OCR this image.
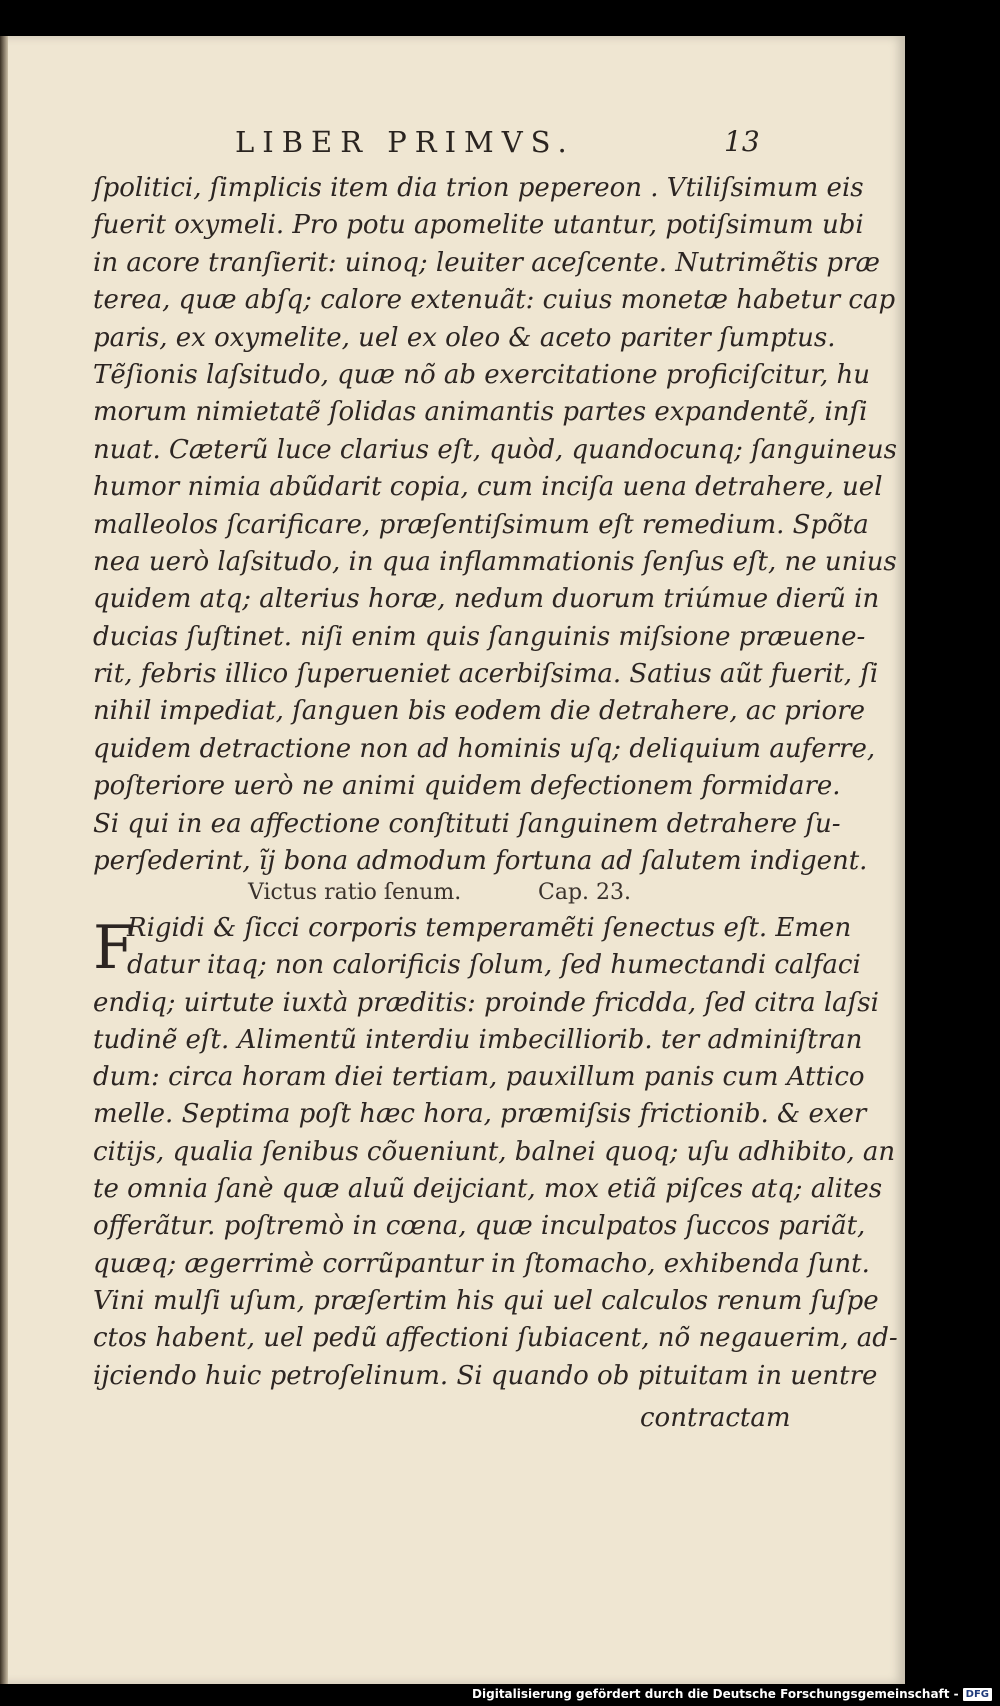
LIBER PRIMVS.	13
ſpolitici, ſimplicis item dia trion pepereon . Vtiliſsimum eis
fuerit oxymeli. Pro potu apomelite utantur, potiſsimum ubi
in acore tranſierit: uinoq; leuiter aceſcente. Nutrimẽtis præ
terea, quæ abſq; calore extenuãt: cuius monetæ habetur cap
paris, ex oxymelite, uel ex oleo & aceto pariter ſumptus.
Tẽſionis laſsitudo, quæ nõ ab exercitatione proficiſcitur, hu
morum nimietatẽ ſolidas animantis partes expandentẽ, inſi
nuat. Cæterũ luce clarius eſt, quòd, quandocunq; ſanguineus
humor nimia abũdarit copia, cum inciſa uena detrahere, uel
malleolos ſcarificare, præſentiſsimum eſt remedium. Spõta
nea uerò laſsitudo, in qua inflammationis ſenſus eſt, ne unius
quidem atq; alterius horæ, nedum duorum triúmue dierũ in
ducias ſuſtinet. niſi enim quis ſanguinis miſsione præuene-
rit, febris illico ſuperueniet acerbiſsima. Satius aũt fuerit, ſi
nihil impediat, ſanguen bis eodem die detrahere, ac priore
quidem detractione non ad hominis uſq; deliquium auferre,
poſteriore uerò ne animi quidem defectionem formidare.
Si qui in ea affectione conſtituti ſanguinem detrahere ſu-
perſederint, ĩj bona admodum fortuna ad ſalutem indigent.
Victus ratio ſenum.	Cap. 23.
F
Rigidi & ſicci corporis temperamẽti ſenectus eſt. Emen
datur itaq; non calorificis ſolum, ſed humectandi calfaci
endiq; uirtute iuxtà præditis: proinde fricdda, ſed citra laſsi
tudinẽ eſt. Alimentũ interdiu imbecilliorib. ter adminiſtran
dum: circa horam diei tertiam, pauxillum panis cum Attico
melle. Septima poſt hæc hora, præmiſsis frictionib. & exer
citijs, qualia ſenibus cõueniunt, balnei quoq; uſu adhibito, an
te omnia ſanè quæ aluũ deijciant, mox etiã piſces atq; alites
offerãtur. poſtremò in cœna, quæ inculpatos ſuccos pariãt,
quæq; ægerrimè corrũpantur in ſtomacho, exhibenda ſunt.
Vini mulſi uſum, præſertim his qui uel calculos renum ſuſpe
ctos habent, uel pedũ affectioni ſubiacent, nõ negauerim, ad-
ijciendo huic petroſelinum. Si quando ob pituitam in uentre
contractam
Digitalisierung gefördert durch die Deutsche Forschungsgemeinschaft - DFG
